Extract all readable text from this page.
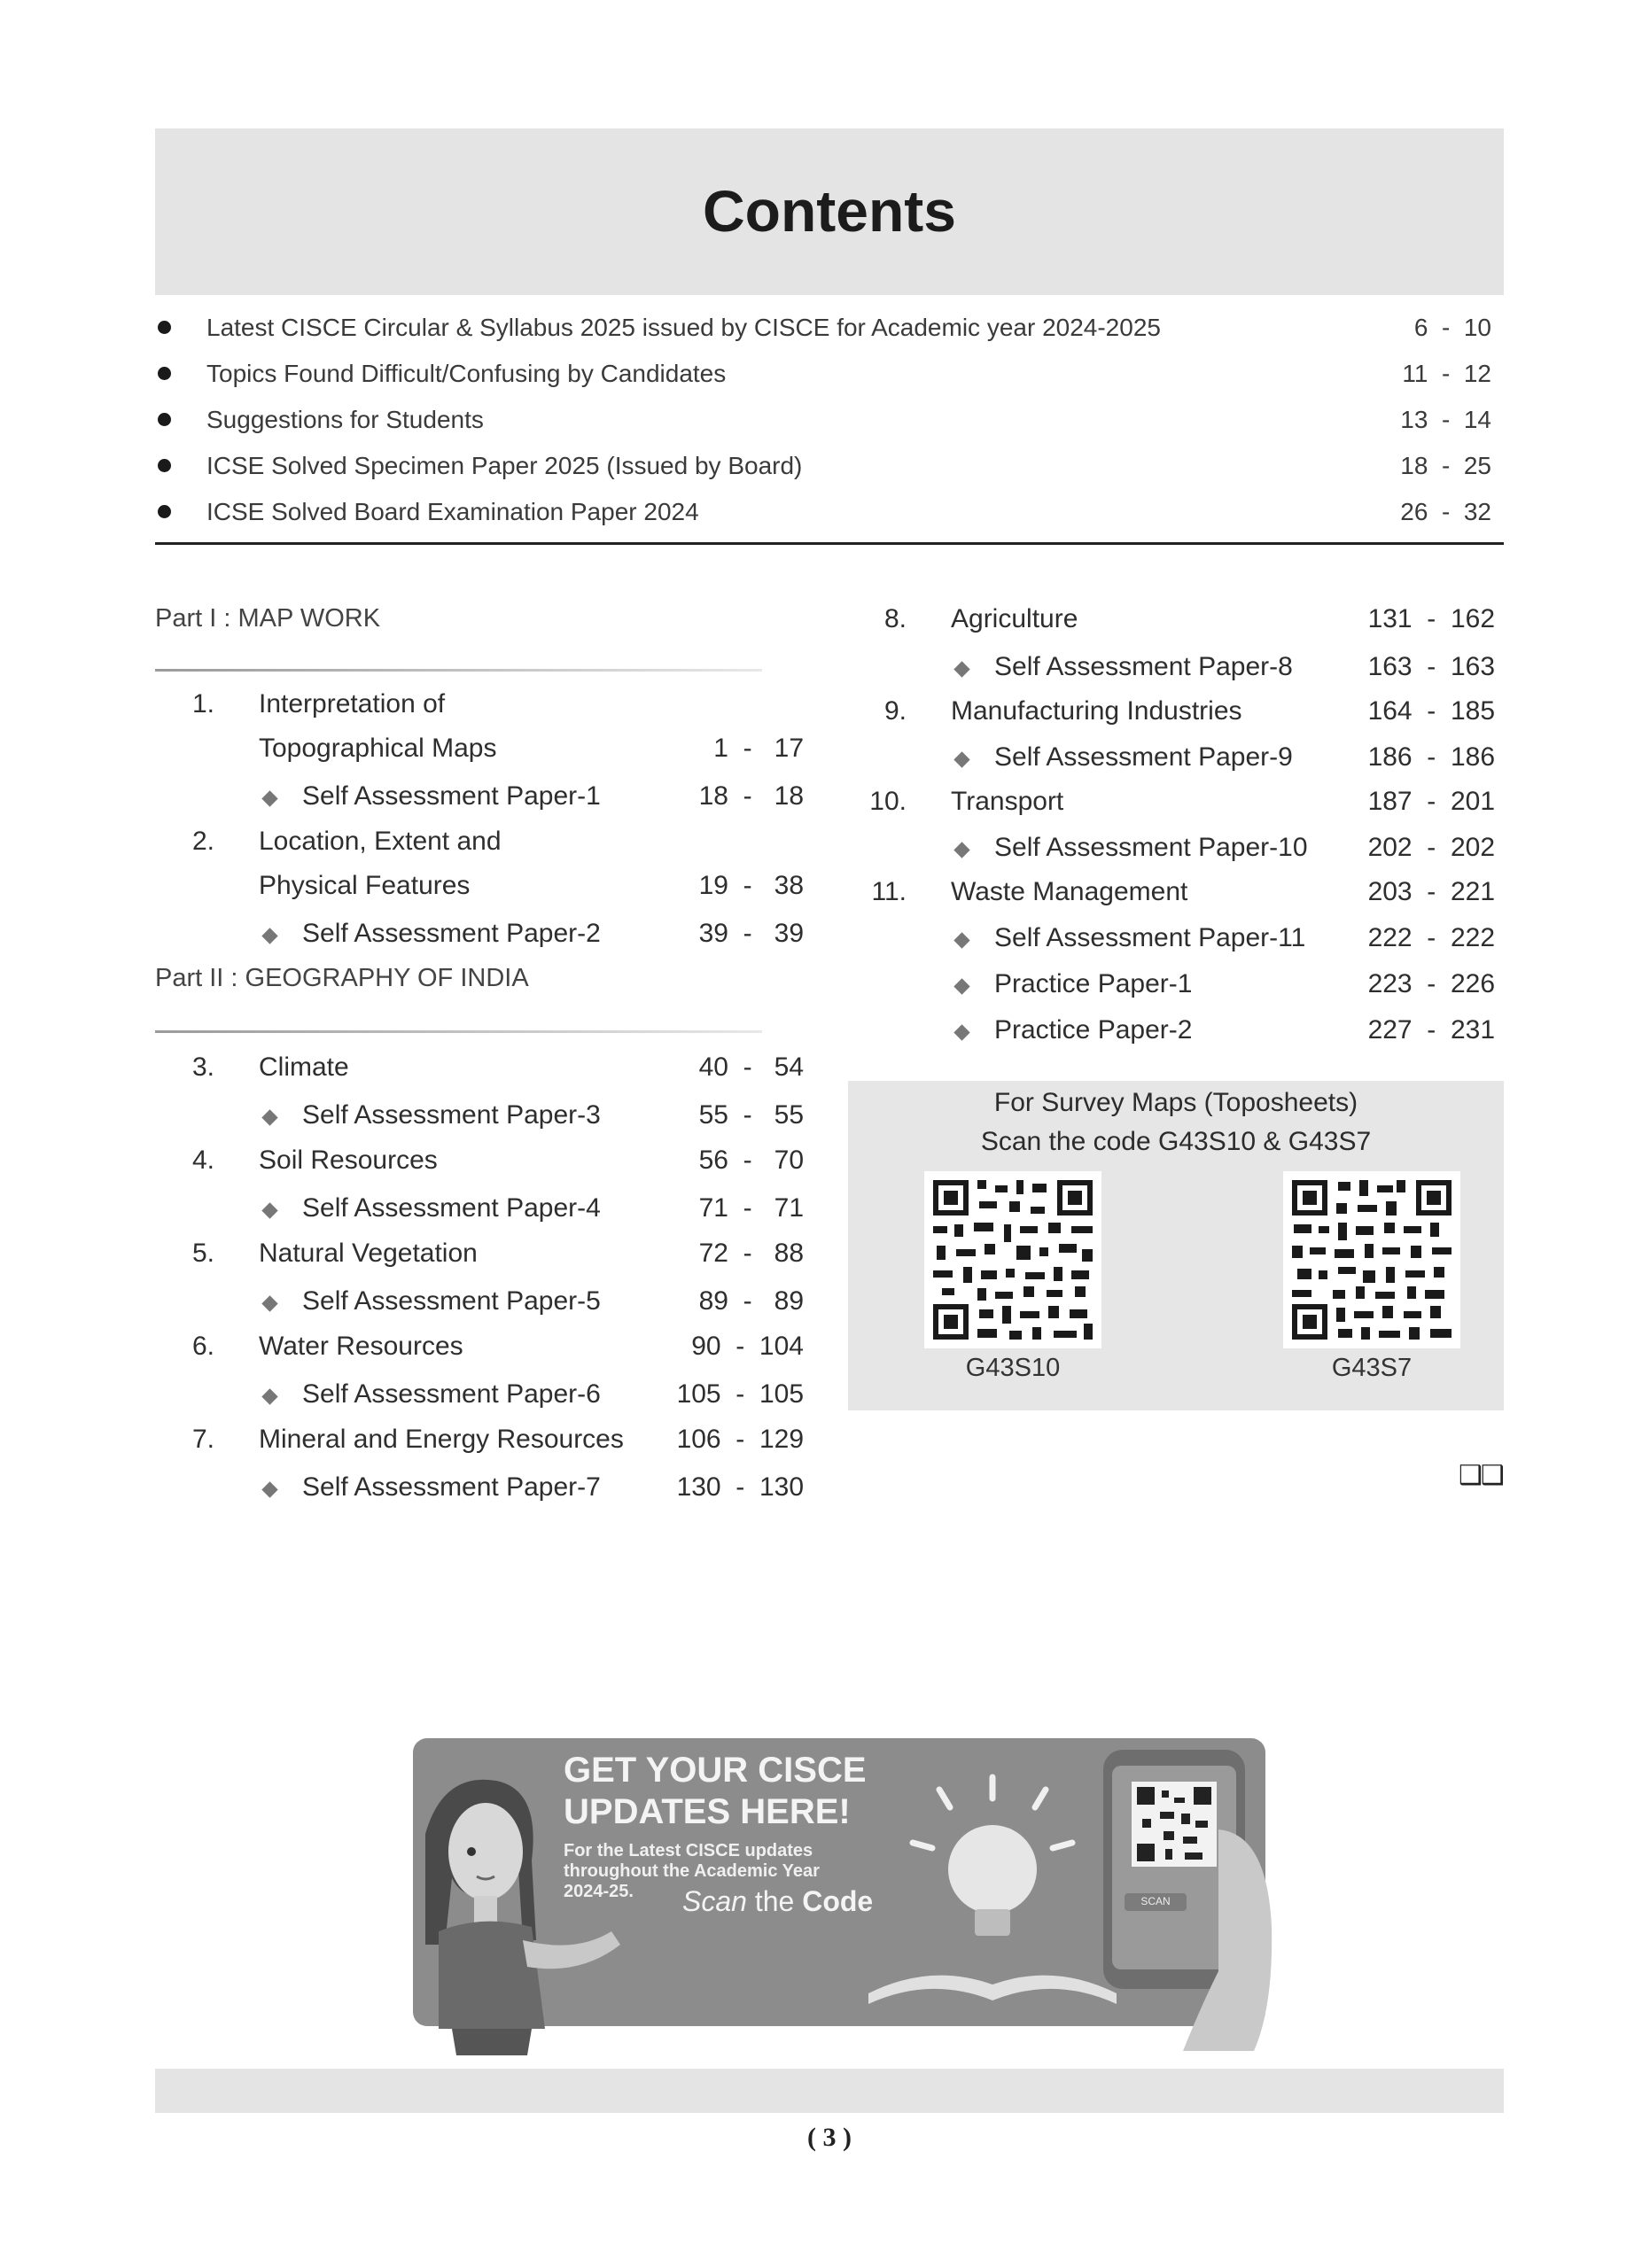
Contents
Latest CISCE Circular & Syllabus 2025 issued by CISCE for Academic year 2024-2025	6  -  10
Topics Found Difficult/Confusing by Candidates	11  -  12
Suggestions for Students	13  -  14
ICSE Solved Specimen Paper 2025 (Issued by Board)	18  -  25
ICSE Solved Board Examination Paper 2024	26  -  32
Part I : MAP WORK
1. Interpretation of
Topographical Maps	1  -   17
Self Assessment Paper-1	18  -   18
2. Location, Extent and
Physical Features	19  -   38
Self Assessment Paper-2	39  -   39
Part II : GEOGRAPHY OF INDIA
3. Climate	40  -   54
Self Assessment Paper-3	55  -   55
4. Soil Resources	56  -   70
Self Assessment Paper-4	71  -   71
5. Natural Vegetation	72  -   88
Self Assessment Paper-5	89  -   89
6. Water Resources	90  -  104
Self Assessment Paper-6	105  -  105
7. Mineral and Energy Resources 106  -  129
Self Assessment Paper-7	130  -  130
8. Agriculture	131  -  162
Self Assessment Paper-8	163  -  163
9. Manufacturing Industries	164  -  185
Self Assessment Paper-9	186  -  186
10. Transport	187  -  201
Self Assessment Paper-10 202  -  202
11. Waste Management	203  -  221
Self Assessment Paper-11 222  -  222
Practice Paper-1	223  -  226
Practice Paper-2	227  -  231
For Survey Maps (Toposheets)
Scan the code G43S10 & G43S7
G43S10	G43S7
❑❑
GET YOUR CISCE
UPDATES HERE!
For the Latest CISCE updates
throughout the Academic Year
2024-25.	Scan the Code	SCAN
( 3 )
